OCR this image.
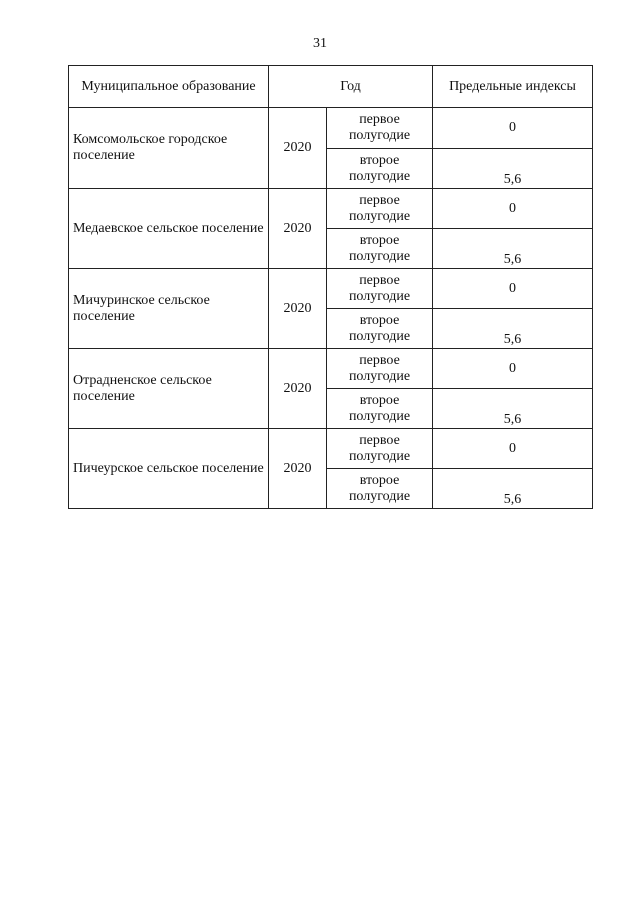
31
Муниципальное образование	Год		Предельные индексы
Комсомольское городское поселение	2020	первое полугодие	0
		второе полугодие	5,6
Медаевское сельское поселение	2020	первое полугодие	0
		второе полугодие	5,6
Мичуринское сельское поселение	2020	первое полугодие	0
		второе полугодие	5,6
Отрадненское сельское поселение	2020	первое полугодие	0
		второе полугодие	5,6
Пичеурское сельское поселение	2020	первое полугодие	0
		второе полугодие	5,6
